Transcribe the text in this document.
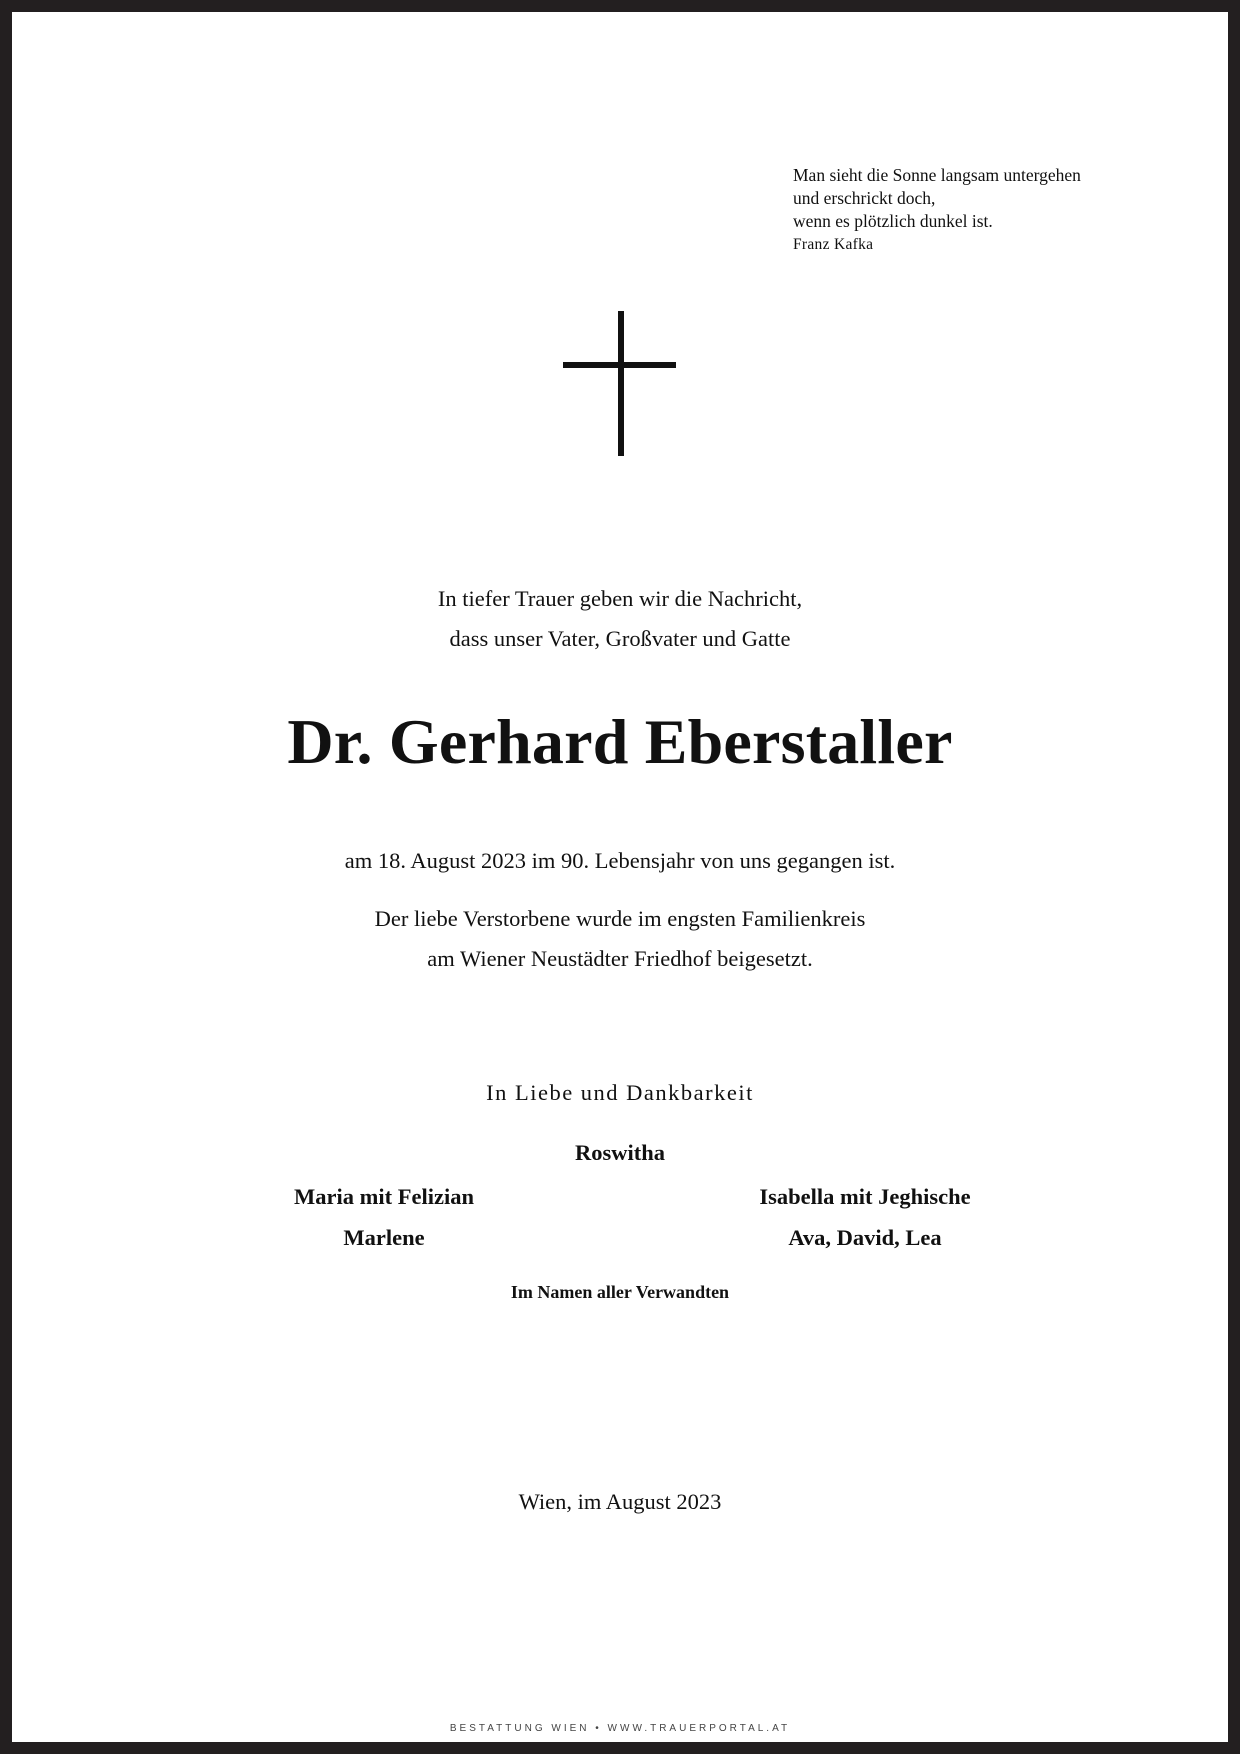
Man sieht die Sonne langsam untergehen
und erschrickt doch,
wenn es plötzlich dunkel ist.
Franz Kafka
In tiefer Trauer geben wir die Nachricht,
dass unser Vater, Großvater und Gatte
Dr. Gerhard Eberstaller
am 18. August 2023 im 90. Lebensjahr von uns gegangen ist.
Der liebe Verstorbene wurde im engsten Familienkreis
am Wiener Neustädter Friedhof beigesetzt.
In Liebe und Dankbarkeit
Roswitha
Maria mit Felizian
Marlene
Isabella mit Jeghische
Ava, David, Lea
Im Namen aller Verwandten
Wien, im August 2023
BESTATTUNG WIEN • WWW.TRAUERPORTAL.AT
